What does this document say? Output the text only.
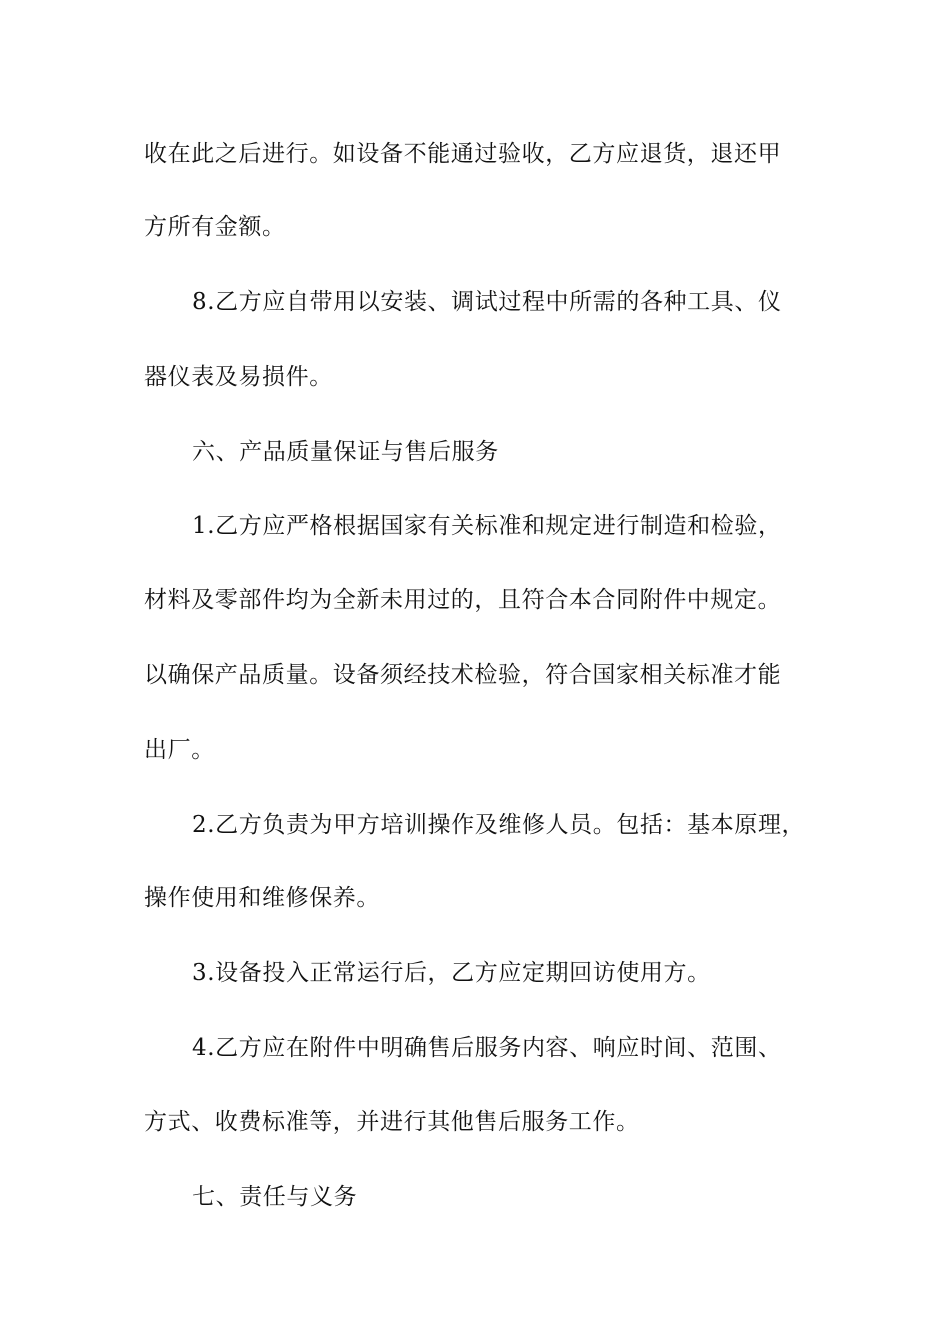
收在此之后进行。如设备不能通过验收，乙方应退货，退还甲
方所有金额。
8.乙方应自带用以安装、调试过程中所需的各种工具、仪
器仪表及易损件。
六、产品质量保证与售后服务
1.乙方应严格根据国家有关标准和规定进行制造和检验，
材料及零部件均为全新未用过的，且符合本合同附件中规定。
以确保产品质量。设备须经技术检验，符合国家相关标准才能
出厂。
2.乙方负责为甲方培训操作及维修人员。包括：基本原理，
操作使用和维修保养。
3.设备投入正常运行后，乙方应定期回访使用方。
4.乙方应在附件中明确售后服务内容、响应时间、范围、
方式、收费标准等，并进行其他售后服务工作。
七、责任与义务
